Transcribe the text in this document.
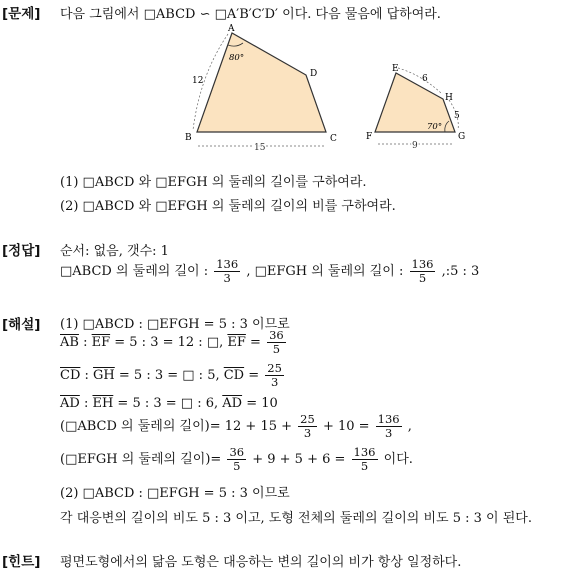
[문제] 다음 그림에서 □ABCD ∽ □A′B′C′D′ 이다. 다음 물음에 답하여라.
A
B	C
D
80°
12
15
E
F	G
H
70°
6
5
9
(1) □ABCD 와 □EFGH 의 둘레의 길이를 구하여라.
(2) □ABCD 와 □EFGH 의 둘레의 길이의 비를 구하여라.
[정답] 순서: 없음, 갯수: 1
□ABCD 의 둘레의 길이 : $\frac{136}{3}$ , □EFGH 의 둘레의 길이 : $\frac{136}{5}$ ,:5 : 3
[해설] (1) □ABCD : □EFGH = 5 : 3 이므로
$\overline{AB}$ : $\overline{EF} = 5$ : 3 = 12 : □, $\overline{EF} = \frac{36}{5}$
$\overline{CD}$ : $\overline{GH} = 5$ : 3 = □ : 5, $\overline{CD} = \frac{25}{3}$
$\overline{AD}$ : $\overline{EH} = 5$ : 3 = □ : 6, $\overline{AD} = 10$
(□ABCD 의 둘레의 길이)= $12 + 15 + \frac{25}{3} + 10 = \frac{136}{3}$ ,
(□EFGH 의 둘레의 길이)= $\frac{36}{5} + 9 + 5 + 6 = \frac{136}{5}$ 이다.
(2) □ABCD : □EFGH = 5 : 3 이므로
각 대응변의 길이의 비도 5 : 3 이고, 도형 전체의 둘레의 길이의 비도 5 : 3 이 된다.
[힌트] 평면도형에서의 닮음 도형은 대응하는 변의 길이의 비가 항상 일정하다.
